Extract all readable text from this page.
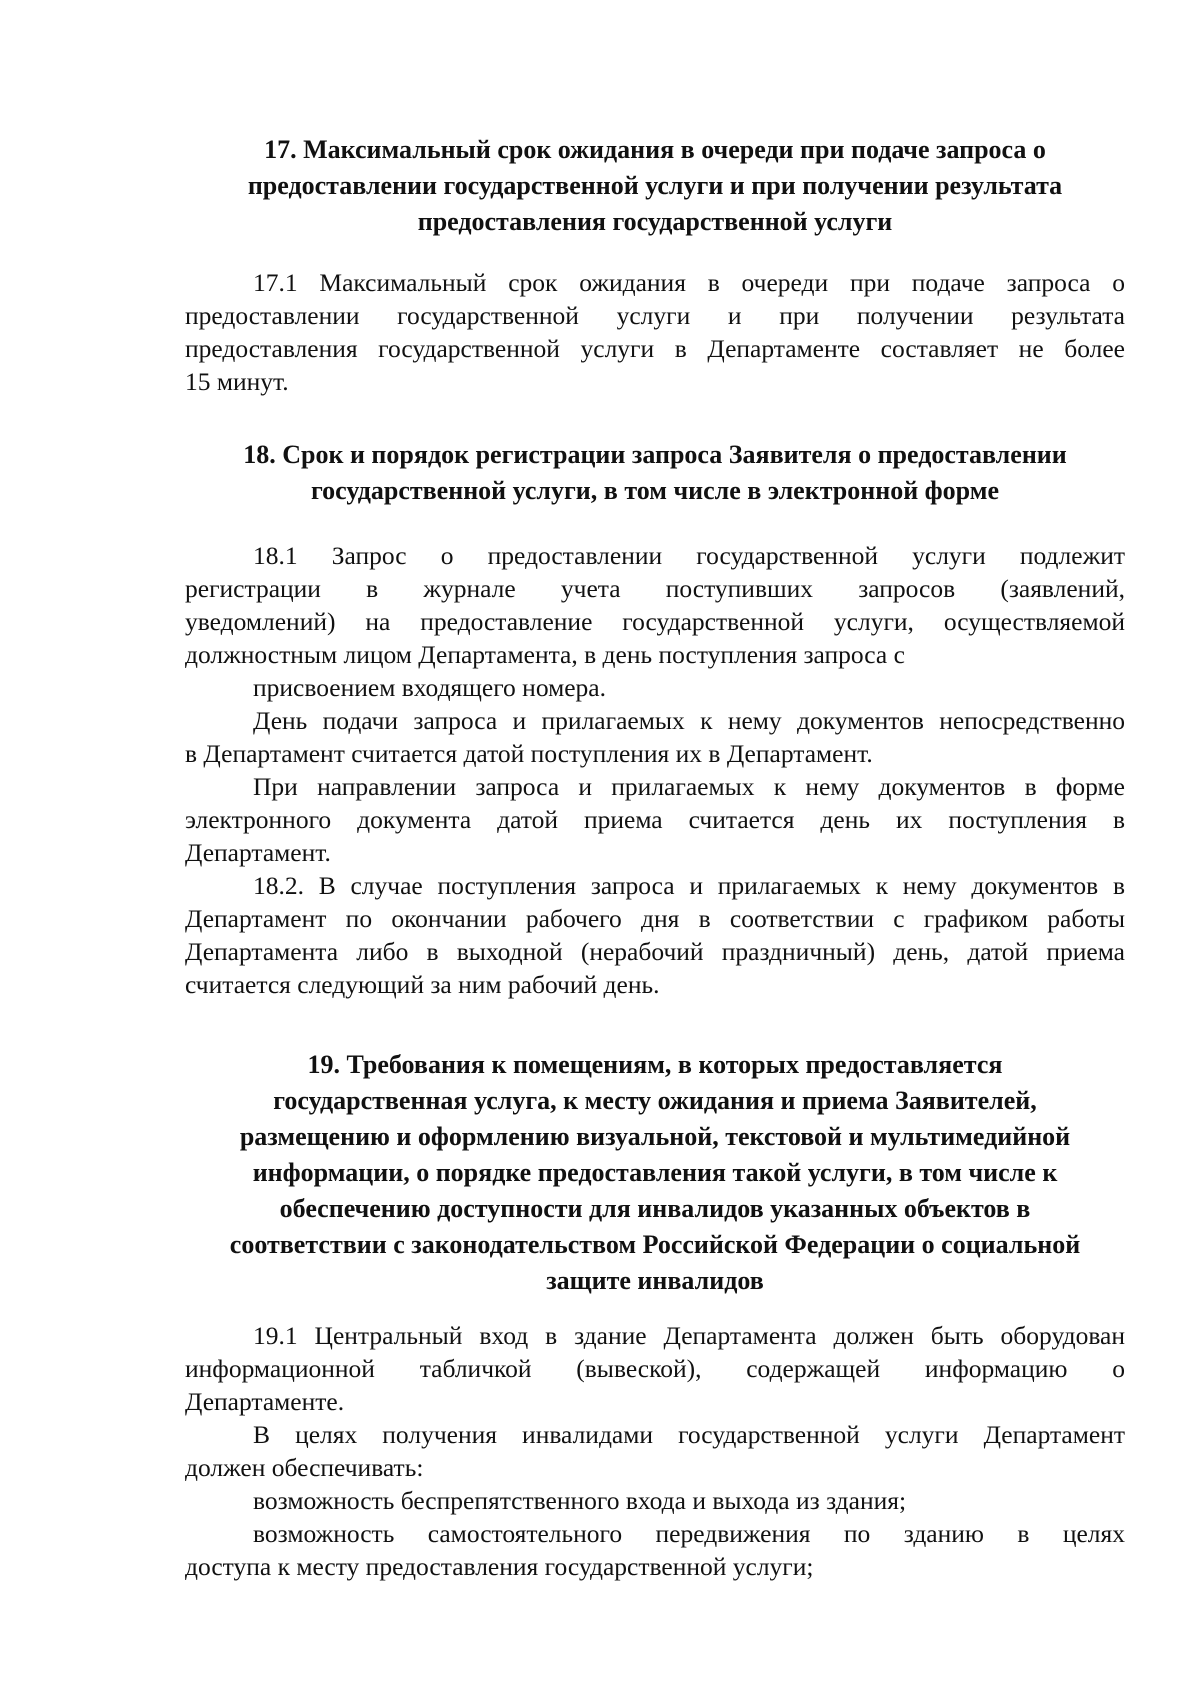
17. Максимальный срок ожидания в очереди при подаче запроса о
предоставлении государственной услуги и при получении результата
предоставления государственной услуги
17.1 Максимальный срок ожидания в очереди при подаче запроса о
предоставлении государственной услуги и при получении результата
предоставления государственной услуги в Департаменте составляет не более
15 минут.
18. Срок и порядок регистрации запроса Заявителя о предоставлении
государственной услуги, в том числе в электронной форме
18.1 Запрос о предоставлении государственной услуги подлежит
регистрации в журнале учета поступивших запросов (заявлений,
уведомлений) на предоставление государственной услуги, осуществляемой
должностным лицом Департамента, в день поступления запроса с
присвоением входящего номера.
День подачи запроса и прилагаемых к нему документов непосредственно
в Департамент считается датой поступления их в Департамент.
При направлении запроса и прилагаемых к нему документов в форме
электронного документа датой приема считается день их поступления в
Департамент.
18.2. В случае поступления запроса и прилагаемых к нему документов в
Департамент по окончании рабочего дня в соответствии с графиком работы
Департамента либо в выходной (нерабочий праздничный) день, датой приема
считается следующий за ним рабочий день.
19. Требования к помещениям, в которых предоставляется
государственная услуга, к месту ожидания и приема Заявителей,
размещению и оформлению визуальной, текстовой и мультимедийной
информации, о порядке предоставления такой услуги, в том числе к
обеспечению доступности для инвалидов указанных объектов в
соответствии с законодательством Российской Федерации о социальной
защите инвалидов
19.1 Центральный вход в здание Департамента должен быть оборудован
информационной табличкой (вывеской), содержащей информацию о
Департаменте.
В целях получения инвалидами государственной услуги Департамент
должен обеспечивать:
возможность беспрепятственного входа и выхода из здания;
возможность самостоятельного передвижения по зданию в целях
доступа к месту предоставления государственной услуги;
